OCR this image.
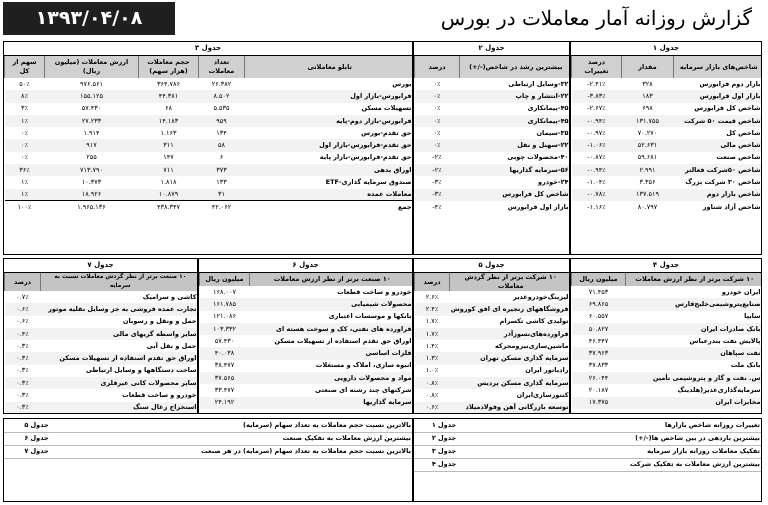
۱۳۹۳/۰۴/۰۸	گزارش روزانه آمار معاملات در بورس
جدول ۱
شاخص‌های بازار سرمایه	مقدار	درصد تغییرات
بازار دوم فرابورس	۳۲۸	-۲.۴۱٪
بازار اول فرابورس	۱۸۳	-۳.۸۳٪
شاخص کل فرابورس	۶۹۸	-۲.۶۷٪
شاخص قیمت ۵۰ شرکت	۱۳۱.۷۵۵	-۰.۹۴٪
شاخص کل	۷۰.۲۷۰	-۰.۹۷٪
شاخص مالی	۵۲.۶۳۱	-۱.۰۶٪
شاخص صنعت	۵۹.۶۸۱	-۰.۸۷٪
شاخص ۵۰شرکت فعالتر	۲.۹۹۱	-۰.۹۴٪
شاخص ۳۰ شرکت بزرگ	۳.۳۵۶	-۱.۰۴٪
شاخص بازار دوم	۱۳۷.۵۱۹	-۰.۷۸٪
شاخص آزاد شناور	۸۰.۷۹۷	-۱.۱۶٪
جدول ۲
بیشترین رشد در شاخص(-/+)	درصد
۳۲-وسایل ارتباطی	۰٪
۲۲-انتشار و چاپ	۰٪
۴۵-پیمانکاری	۰٪
۴۵-پیمانکاری	۰٪
۳۵-سیمان	۰٪
۲۲-سهنل و نقل	۰٪
۴۰-محصولات چوبی	-۲٪
۵۶-سرمایه گذاریها	-۲٪
۲۴-خودرو	-۳٪
شاخص کل فرابورس	-۳٪
بازار اول فرابورس	-۴٪
جدول ۳
تابلو معاملاتی	تعداد معاملات	حجم معاملات (هزار سهم)	ارزش معاملات (میلیون ریال)	سهم از کل
بورس	۲۶.۳۸۲	۳۶۴.۷۸۶	۹۷۶.۵۶۱	۵۰٪
فرابورس-بازار اول	۸.۵۰۲	۴۴.۳۸۱	۱۵۵.۱۲۵	۸٪
تسهیلات مسکن	۵.۵۳۵	۶۸	۵۷.۴۳۰	۳٪
فرابورس-بازار دوم-پایه	۹۵۹	۱۴.۱۸۳	۲۷.۲۳۳	۱٪
حق تقدم-بورس	۱۳۴	۱.۱۶۳	۱.۹۱۴	۰٪
حق تقدم-فرابورس-بازار اول	۵۸	۳۱۱	۹۱۷	۰٪
حق تقدم-فرابورس-بازار پایه	۶	۱۴۷	۲۵۵	۰٪
اوراق بدهی	۳۷۳	۷۱۱	۷۱۳.۷۹۰	۳۶٪
صندوق سرمایه گذاری-ETF	۱۳۳	۱.۸۱۸	۱۰.۳۷۳	۱٪
معاملات عمده	۳۱	۱۰.۸۷۹	۱۸.۹۲۶	۱٪
جمع	۴۲.۰۶۲	۴۳۸.۳۴۷	۱.۹۶۵.۱۳۶	۱۰۰٪
جدول ۴
۱۰ شرکت برتر از نظر ارزش معاملات	میلیون ریال
ایران خودرو	۷۱.۴۵۳
صنایع‌پتروشیمی‌خلیج‌فارس	۶۹.۸۶۵
سایپا	۶۰.۵۵۷
بانک صادرات ایران	۵۰.۸۲۷
پالایش نفت بندرعباس	۴۶.۴۴۷
نفت سپاهان	۳۷.۹۶۳
بانک ملت	۳۷.۸۳۳
س. نفت و گاز و پتروشیمی تأمین	۲۶.۰۴۴
سرمایه‌گذاری‌غدیر(هلدینگ	۲۰.۱۸۷
مخابرات ایران	۱۷.۳۷۵
جدول ۵
۱۰ شرکت برتر از نظر گردش معاملات	درصد
لیزینگ‌خودروغدیر	۲.۶٪
فروشگاههای زنجیره ای افق کوروش	۲.۴٪
تولیدی کاشی تکسرام	۱.۷٪
فراورده‌های‌نسوزآذر	۱.۷٪
ماشین‌سازی‌نیرومحرکه	۱.۴٪
سرمایه گذاری مسکن تهران	۱.۳٪
رادیاتور ایران	۱.۰٪
سرمایه گذاری مسکن پردیس	۰.۸٪
کنتورسازی‌ایران	۰.۸٪
توسعه بازرگانی آهن وفولادمیلاد	۰.۶٪
جدول ۶
۱۰ صنعت برتر از نظر ارزش معاملات	میلیون ریال
خودرو و ساخت قطعات	۱۶۸.۰۰۷
محصولات شیمیایی	۱۶۱.۷۸۵
بانکها و موسسات اعتباری	۱۲۱.۰۸۶
فراورده های نفتی، کک و سوخت هسته ای	۱۰۳.۳۳۲
اوراق حق تقدم استفاده از تسهیلات مسکن	۵۷.۴۳۰
فلزات اساسی	۴۰.۰۳۸
انبوه سازی، املاک و مستغلات	۳۸.۴۷۷
مواد و محصولات دارویی	۳۷.۵۶۵
شرکتهای چند رشته ای صنعتی	۳۳.۴۷۷
سرمایه گذاریها	۲۴.۱۹۲
جدول ۷
۱۰ صنعت برتر از نظر گردش معاملات نسبت به سرمایه	درصد
کاشی و سرامیک	۰.۷٪
تجارت عمده فروشی به جز وسایل نقلیه موتور	۰.۶٪
حمل و ونقل و رسوبان	۰.۶٪
سایر واسطه گریهای مالی	۰.۴٪
حمل و نقل آبی	۰.۳٪
اوراق حق تقدم استفاده از تسهیلات مسکن	۰.۳٪
ساخت دستگاهها و وسایل ارتباطی	۰.۳٪
سایر محصولات کانی غیرفلزی	۰.۳٪
خودرو و ساخت قطعات	۰.۳٪
استخراج زغال سنگ	۰.۳٪
تغییرات روزانه شاخص بازارها	جدول ۱
بیشترین بازدهی در بین شاخص ها(-/+)	جدول ۲
تفکیک معاملات روزانه بازار سرمایه	جدول ۳
بیشترین ارزش معاملات به تفکیک شرکت	جدول ۴
بالاترین نسبت حجم معاملات به تعداد سهام (سرمایه)	جدول ۵
بیشترین ارزش معاملات به تفکیک صنعت	جدول ۶
بالاترین نسبت حجم معاملات به تعداد سهام (سرمایه) در هر صنعت	جدول ۷
